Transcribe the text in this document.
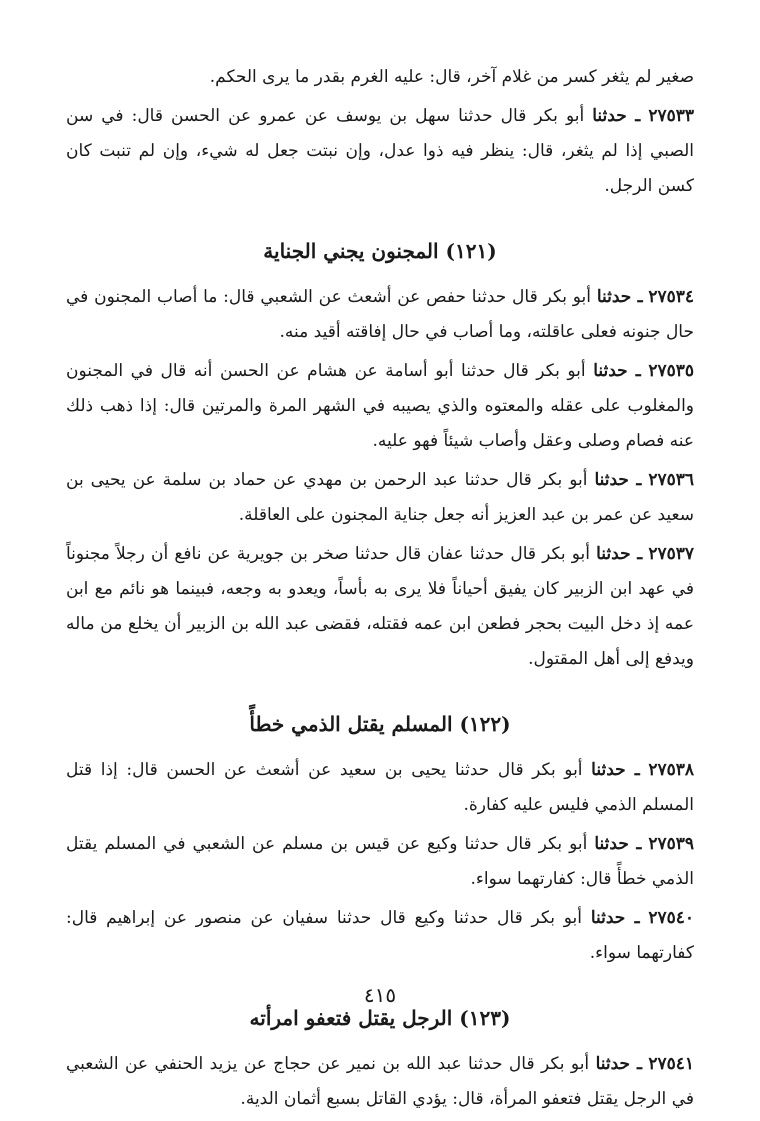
صغير لم يثغر كسر من غلام آخر، قال: عليه الغرم بقدر ما يرى الحكم.

٢٧٥٣٣ ـ حدثنا أبو بكر قال حدثنا سهل بن يوسف عن عمرو عن الحسن قال: في سن الصبي إذا لم يثغر، قال: ينظر فيه ذوا عدل، وإن نبتت جعل له شيء، وإن لم تنبت كان كسن الرجل.

(١٢١) المجنون يجني الجناية

٢٧٥٣٤ ـ حدثنا أبو بكر قال حدثنا حفص عن أشعث عن الشعبي قال: ما أصاب المجنون في حال جنونه فعلى عاقلته، وما أصاب في حال إفاقته أقيد منه.

٢٧٥٣٥ ـ حدثنا أبو بكر قال حدثنا أبو أسامة عن هشام عن الحسن أنه قال في المجنون والمغلوب على عقله والمعتوه والذي يصيبه في الشهر المرة والمرتين قال: إذا ذهب ذلك عنه فصام وصلى وعقل وأصاب شيئاً فهو عليه.

٢٧٥٣٦ ـ حدثنا أبو بكر قال حدثنا عبد الرحمن بن مهدي عن حماد بن سلمة عن يحيى بن سعيد عن عمر بن عبد العزيز أنه جعل جناية المجنون على العاقلة.

٢٧٥٣٧ ـ حدثنا أبو بكر قال حدثنا عفان قال حدثنا صخر بن جويرية عن نافع أن رجلاً مجنوناً في عهد ابن الزبير كان يفيق أحياناً فلا يرى به بأساً، ويعدو به وجعه، فبينما هو نائم مع ابن عمه إذ دخل البيت بحجر فطعن ابن عمه فقتله، فقضى عبد الله بن الزبير أن يخلع من ماله ويدفع إلى أهل المقتول.

(١٢٢) المسلم يقتل الذمي خطأً

٢٧٥٣٨ ـ حدثنا أبو بكر قال حدثنا يحيى بن سعيد عن أشعث عن الحسن قال: إذا قتل المسلم الذمي فليس عليه كفارة.

٢٧٥٣٩ ـ حدثنا أبو بكر قال حدثنا وكيع عن قيس بن مسلم عن الشعبي في المسلم يقتل الذمي خطأً قال: كفارتهما سواء.

٢٧٥٤٠ ـ حدثنا أبو بكر قال حدثنا وكيع قال حدثنا سفيان عن منصور عن إبراهيم قال: كفارتهما سواء.

(١٢٣) الرجل يقتل فتعفو امرأته

٢٧٥٤١ ـ حدثنا أبو بكر قال حدثنا عبد الله بن نمير عن حجاج عن يزيد الحنفي عن الشعبي في الرجل يقتل فتعفو المرأة، قال: يؤدي القاتل بسبع أثمان الدية.

٤١٥
